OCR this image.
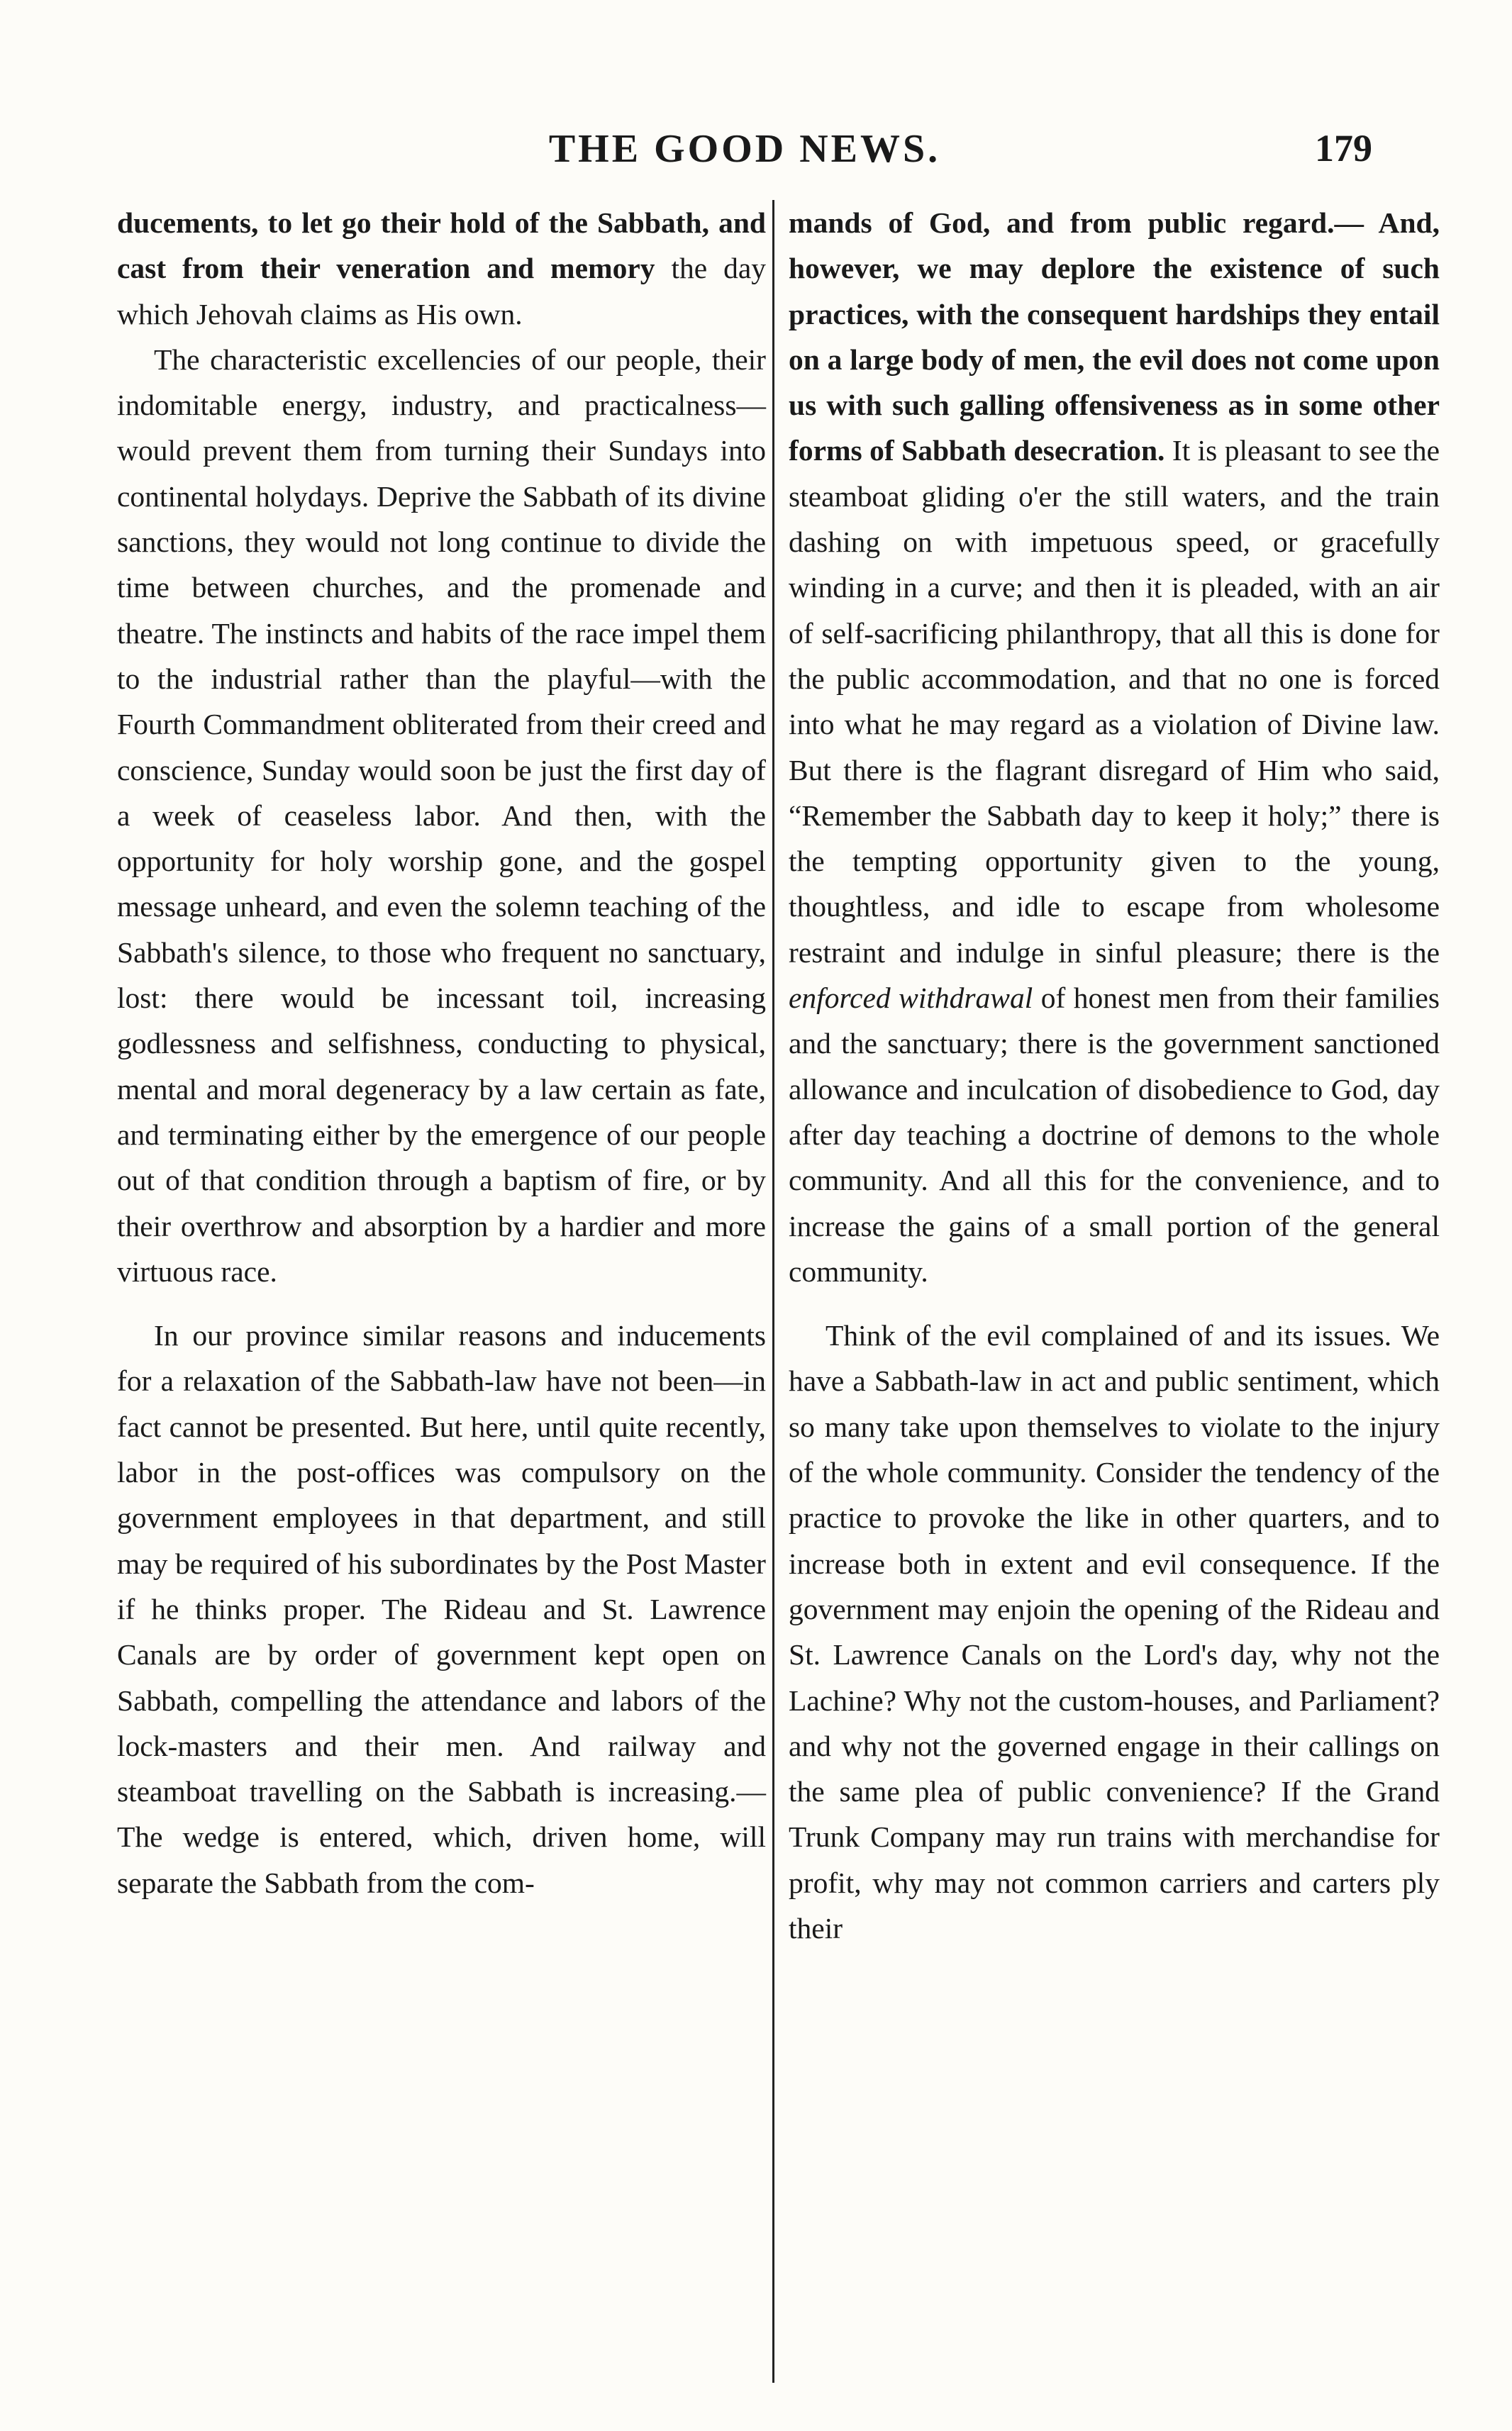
THE GOOD NEWS.	179

ducements, to let go their hold of the Sabbath, and cast from their veneration and memory the day which Jehovah claims as His own.

The characteristic excellencies of our people, their indomitable energy, industry, and practicalness—would prevent them from turning their Sundays into continental holydays. Deprive the Sabbath of its divine sanctions, they would not long continue to divide the time between churches, and the promenade and theatre. The instincts and habits of the race impel them to the industrial rather than the playful—with the Fourth Commandment obliterated from their creed and conscience, Sunday would soon be just the first day of a week of ceaseless labor. And then, with the opportunity for holy worship gone, and the gospel message unheard, and even the solemn teaching of the Sabbath's silence, to those who frequent no sanctuary, lost: there would be incessant toil, increasing godlessness and selfishness, conducting to physical, mental and moral degeneracy by a law certain as fate, and terminating either by the emergence of our people out of that condition through a baptism of fire, or by their overthrow and absorption by a hardier and more virtuous race.

In our province similar reasons and inducements for a relaxation of the Sabbath-law have not been—in fact cannot be presented. But here, until quite recently, labor in the post-offices was compulsory on the government employees in that department, and still may be required of his subordinates by the Post Master if he thinks proper. The Rideau and St. Lawrence Canals are by order of government kept open on Sabbath, compelling the attendance and labors of the lock-masters and their men. And railway and steamboat travelling on the Sabbath is increasing.— The wedge is entered, which, driven home, will separate the Sabbath from the com-

mands of God, and from public regard.— And, however, we may deplore the existence of such practices, with the consequent hardships they entail on a large body of men, the evil does not come upon us with such galling offensiveness as in some other forms of Sabbath desecration. It is pleasant to see the steamboat gliding o'er the still waters, and the train dashing on with impetuous speed, or gracefully winding in a curve; and then it is pleaded, with an air of self-sacrificing philanthropy, that all this is done for the public accommodation, and that no one is forced into what he may regard as a violation of Divine law. But there is the flagrant disregard of Him who said, “Remember the Sabbath day to keep it holy;” there is the tempting opportunity given to the young, thoughtless, and idle to escape from wholesome restraint and indulge in sinful pleasure; there is the enforced withdrawal of honest men from their families and the sanctuary; there is the government sanctioned allowance and inculcation of disobedience to God, day after day teaching a doctrine of demons to the whole community. And all this for the convenience, and to increase the gains of a small portion of the general community.

Think of the evil complained of and its issues. We have a Sabbath-law in act and public sentiment, which so many take upon themselves to violate to the injury of the whole community. Consider the tendency of the practice to provoke the like in other quarters, and to increase both in extent and evil consequence. If the government may enjoin the opening of the Rideau and St. Lawrence Canals on the Lord's day, why not the Lachine? Why not the custom-houses, and Parliament? and why not the governed engage in their callings on the same plea of public convenience? If the Grand Trunk Company may run trains with merchandise for profit, why may not common carriers and carters ply their
